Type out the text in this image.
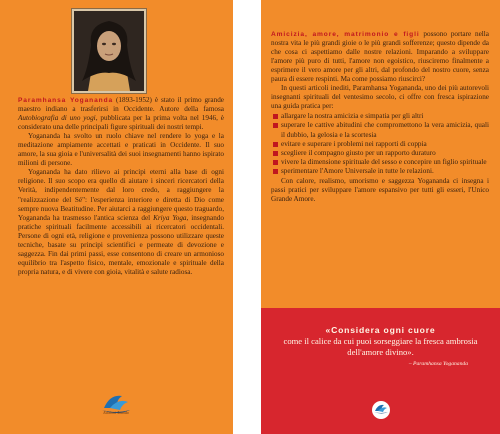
Paramhansa Yogananda (1893-1952) è stato il primo grande maestro indiano a trasferirsi in Occidente. Autore della famosa Autobiografia di uno yogi, pubblicata per la prima volta nel 1946, è considerato una delle principali figure spirituali dei nostri tempi.

Yogananda ha svolto un ruolo chiave nel rendere lo yoga e la meditazione ampiamente accettati e praticati in Occidente. Il suo amore, la sua gioia e l'universalità dei suoi insegnamenti hanno ispirato milioni di persone.

Yogananda ha dato rilievo ai principi eterni alla base di ogni religione. Il suo scopo era quello di aiutare i sinceri ricercatori della Verità, indipendentemente dal loro credo, a raggiungere la "realizzazione del Sé": l'esperienza interiore e diretta di Dio come sempre nuova Beatitudine. Per aiutarci a raggiungere questo traguardo, Yogananda ha trasmesso l'antica scienza del Kriya Yoga, insegnando pratiche spirituali facilmente accessibili ai ricercatori occidentali. Persone di ogni età, religione e provenienza possono utilizzare queste tecniche, basate su principi scientifici e permeate di devozione e saggezza. Fin dai primi passi, esse consentono di creare un armonioso equilibrio tra l'aspetto fisico, mentale, emozionale e spirituale della propria natura, e di vivere con gioia, vitalità e salute radiosa.

Edizioni Ananda

Amicizia, amore, matrimonio e figli possono portare nella nostra vita le più grandi gioie o le più grandi sofferenze; questo dipende da che cosa ci aspettiamo dalle nostre relazioni. Imparando a sviluppare l'amore più puro di tutti, l'amore non egoistico, riusciremo finalmente a esprimere il vero amore per gli altri, dal profondo del nostro cuore, senza paura di essere respinti. Ma come possiamo riuscirci?

In questi articoli inediti, Paramhansa Yogananda, uno dei più autorevoli insegnanti spirituali del ventesimo secolo, ci offre con fresca ispirazione una guida pratica per:

allargare la nostra amicizia e simpatia per gli altri
superare le cattive abitudini che compromettono la vera amicizia, quali il dubbio, la gelosia e la scortesia
evitare e superare i problemi nei rapporti di coppia
scegliere il compagno giusto per un rapporto duraturo
vivere la dimensione spirituale del sesso e concepire un figlio spirituale
sperimentare l'Amore Universale in tutte le relazioni.

Con calore, realismo, umorismo e saggezza Yogananda ci insegna i passi pratici per sviluppare l'amore espansivo per tutti gli esseri, l'Unico Grande Amore.

«Considera ogni cuore
come il calice da cui puoi sorseggiare la fresca ambrosia dell'amore divino».
– Paramhansa Yogananda
